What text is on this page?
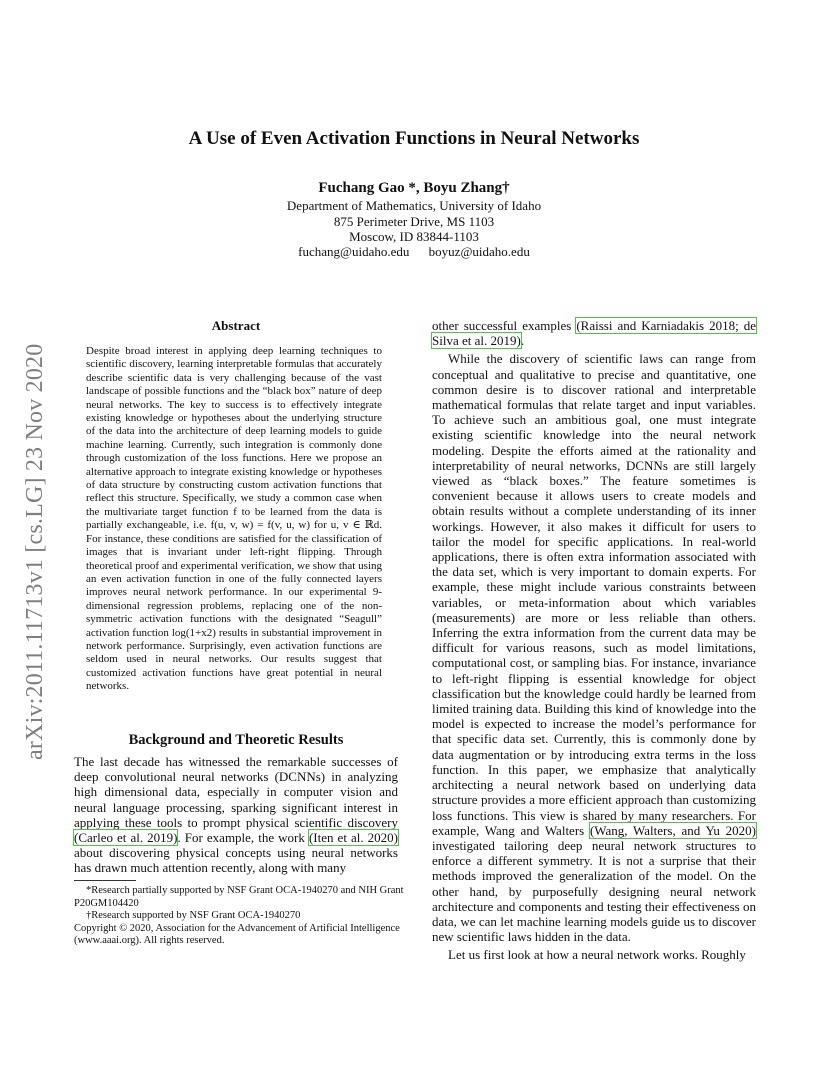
arXiv:2011.11713v1 [cs.LG] 23 Nov 2020
A Use of Even Activation Functions in Neural Networks
Fuchang Gao *, Boyu Zhang†
Department of Mathematics, University of Idaho
875 Perimeter Drive, MS 1103
Moscow, ID 83844-1103
fuchang@uidaho.edu boyuz@uidaho.edu
Abstract
Despite broad interest in applying deep learning techniques to scientific discovery, learning interpretable formulas that accurately describe scientific data is very challenging because of the vast landscape of possible functions and the “black box” nature of deep neural networks. The key to success is to effectively integrate existing knowledge or hypotheses about the underlying structure of the data into the architecture of deep learning models to guide machine learning. Currently, such integration is commonly done through customization of the loss functions. Here we propose an alternative approach to integrate existing knowledge or hypotheses of data structure by constructing custom activation functions that reflect this structure. Specifically, we study a common case when the multivariate target function f to be learned from the data is partially exchangeable, i.e. f(u, v, w) = f(v, u, w) for u, v ∈ ℝd. For instance, these conditions are satisfied for the classification of images that is invariant under left-right flipping. Through theoretical proof and experimental verification, we show that using an even activation function in one of the fully connected layers improves neural network performance. In our experimental 9-dimensional regression problems, replacing one of the non-symmetric activation functions with the designated “Seagull” activation function log(1+x2) results in substantial improvement in network performance. Surprisingly, even activation functions are seldom used in neural networks. Our results suggest that customized activation functions have great potential in neural networks.
Background and Theoretic Results
The last decade has witnessed the remarkable successes of deep convolutional neural networks (DCNNs) in analyzing high dimensional data, especially in computer vision and neural language processing, sparking significant interest in applying these tools to prompt physical scientific discovery (Carleo et al. 2019). For example, the work (Iten et al. 2020) about discovering physical concepts using neural networks has drawn much attention recently, along with many
*Research partially supported by NSF Grant OCA-1940270 and NIH Grant P20GM104420
†Research supported by NSF Grant OCA-1940270
Copyright © 2020, Association for the Advancement of Artificial Intelligence (www.aaai.org). All rights reserved.
other successful examples (Raissi and Karniadakis 2018; de Silva et al. 2019).
While the discovery of scientific laws can range from conceptual and qualitative to precise and quantitative, one common desire is to discover rational and interpretable mathematical formulas that relate target and input variables. To achieve such an ambitious goal, one must integrate existing scientific knowledge into the neural network modeling. Despite the efforts aimed at the rationality and interpretability of neural networks, DCNNs are still largely viewed as “black boxes.” The feature sometimes is convenient because it allows users to create models and obtain results without a complete understanding of its inner workings. However, it also makes it difficult for users to tailor the model for specific applications. In real-world applications, there is often extra information associated with the data set, which is very important to domain experts. For example, these might include various constraints between variables, or meta-information about which variables (measurements) are more or less reliable than others. Inferring the extra information from the current data may be difficult for various reasons, such as model limitations, computational cost, or sampling bias. For instance, invariance to left-right flipping is essential knowledge for object classification but the knowledge could hardly be learned from limited training data. Building this kind of knowledge into the model is expected to increase the model’s performance for that specific data set. Currently, this is commonly done by data augmentation or by introducing extra terms in the loss function. In this paper, we emphasize that analytically architecting a neural network based on underlying data structure provides a more efficient approach than customizing loss functions. This view is shared by many researchers. For example, Wang and Walters (Wang, Walters, and Yu 2020) investigated tailoring deep neural network structures to enforce a different symmetry. It is not a surprise that their methods improved the generalization of the model. On the other hand, by purposefully designing neural network architecture and components and testing their effectiveness on data, we can let machine learning models guide us to discover new scientific laws hidden in the data.
Let us first look at how a neural network works. Roughly
